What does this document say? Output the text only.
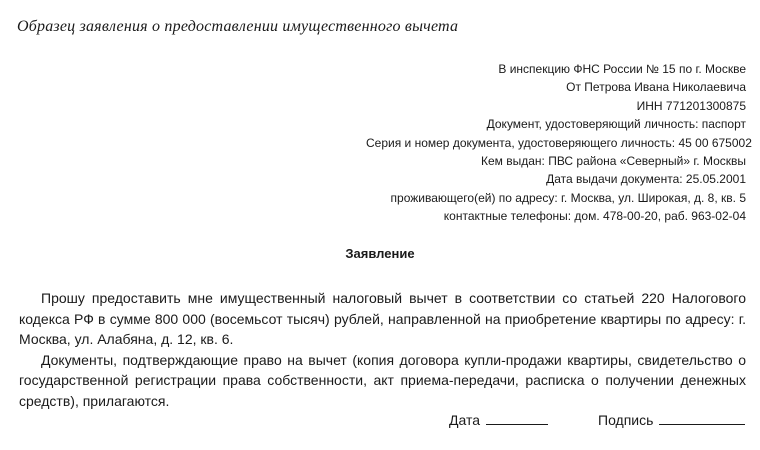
Образец заявления о предоставлении имущественного вычета
В инспекцию ФНС России № 15 по г. Москве
От Петрова Ивана Николаевича
ИНН 771201300875
Документ, удостоверяющий личность: паспорт
Серия и номер документа, удостоверяющего личность: 45 00 675002
Кем выдан: ПВС района «Северный» г. Москвы
Дата выдачи документа: 25.05.2001
проживающего(ей) по адресу: г. Москва, ул. Широкая, д. 8, кв. 5
контактные телефоны: дом. 478-00-20, раб. 963-02-04
Заявление

Прошу предоставить мне имущественный налоговый вычет в соответствии со статьей 220 Налогового кодекса РФ в сумме 800 000 (восемьсот тысяч) рублей, направленной на приобретение квартиры по адресу: г. Москва, ул. Алабяна, д. 12, кв. 6.

Документы, подтверждающие право на вычет (копия договора купли-продажи квартиры, свидетельство о государственной регистрации права собственности, акт приема-передачи, расписка о получении денежных средств), прилагаются.

Дата	Подпись
